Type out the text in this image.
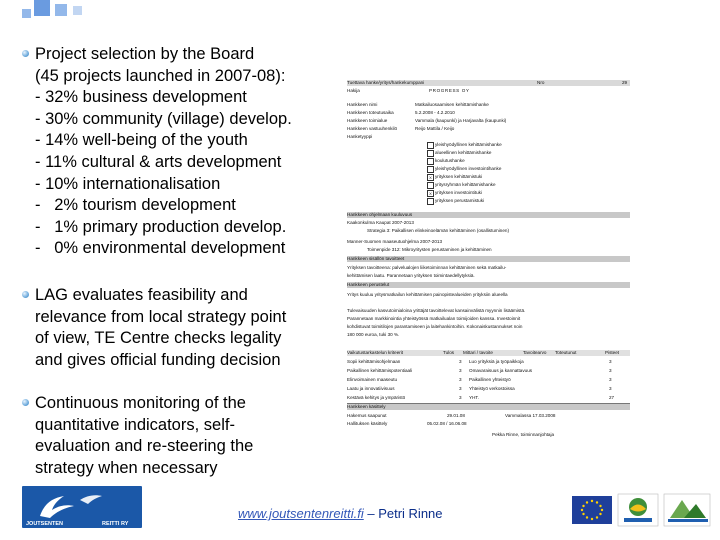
Project selection by the Board
(45 projects launched in 2007-08):
- 32% business development
- 30% community (village) develop.
- 14% well-being of the youth
- 11% cultural & arts development
- 10% internationalisation
-   2% tourism development
-   1% primary production develop.
-   0% environmental development

LAG evaluates feasibility and
relevance from local strategy point
of view, TE Centre checks legality
and gives official funding decision

Continuous monitoring of the
quantitative indicators, self-
evaluation and re-steering the
strategy when necessary

Tuettava hanke/yritys/hankekumppani	Nro	29
Hakija	PROGRESS OY
Hankkeen nimi	Matkailuosaamisen kehittämishanke
Hankkeen toteutusaika	5.2.2008 - 4.2.2010
Hankkeen toimialue	Vammala (kaupunki) ja Harjavalta (kaupunki)
Hankkeen vastuuhenkilö	Reijo Mattila / Keijo
Hanketyyppi
yleishyödyllinen kehittämishanke
alueellinen kehittämishanke
koulutushanke
yleishyödyllinen investointihanke
X yrityksen kehittämistuki
yritysryhmän kehittämishanke
X yrityksen investointituki
yrityksen perustamistuki
Hankkeen ohjelmaan kuuluvuus
Kaakonkulma Kaupat 2007-2013
Strategia 3: Paikallisen elinkeinoelämän kehittäminen (osallistuminen)
Manner-Suomen maaseutuohjelma 2007-2013
Toimenpide 312: Mikroyritysten perustaminen ja kehittäminen
Hankkeen sisällön tavoitteet
Yrityksen tavoitteena: palvelualojen liiketoiminnan kehittäminen sekä matkailu-
kehittämisen laatu. Parannetaan yrityksen toimintaedellytyksiä.
Hankkeen perustelut
Yritys kuuluu yritysmatkailun kehittämisen painopistealueiden yrityksiin alueella
Tulevaisuuden kasvutoimialoina yrittäjät tavoittelevat kansainvälistä myynnin lisäämistä.
Parannetaan markkinointia yhteistyössä matkailualan toimijoiden kanssa. Investoinnit
kohdistuvat toimitilojen parantamiseen ja laitehankintoihin. Kokonaiskustannukset noin
180 000 euroa, tuki 30 %.
Vaikutustarkastelun kriteerit	Tulos Mittari / tavoite	Tavoitearvo Toteutunut	Pisteet
Sopii kehittämisohjelmaan	3 Luo yrityksiä ja työpaikkoja	3
Paikallinen kehittämispotentiaali	3 Omavaraisuus ja kannattavuus	3
Elinvoimainen maaseutu	3 Paikallinen yhteistyö	3
Laatu ja innovatiivisuus	3 Yhteistyö verkostoissa	3
Kestävä kehitys ja ympäristö	3 YHT.	27
Hankkeen käsittely
Hakemus saapunut	29.01.08	Vammalassa 17.03.2008
Hallituksen käsittely	05.02.08 / 16.06.08
Pekka Rinne, toiminnanjohtaja
JOUTSENTEN	REITTI RY
www.joutsentenreitti.fi – Petri Rinne
